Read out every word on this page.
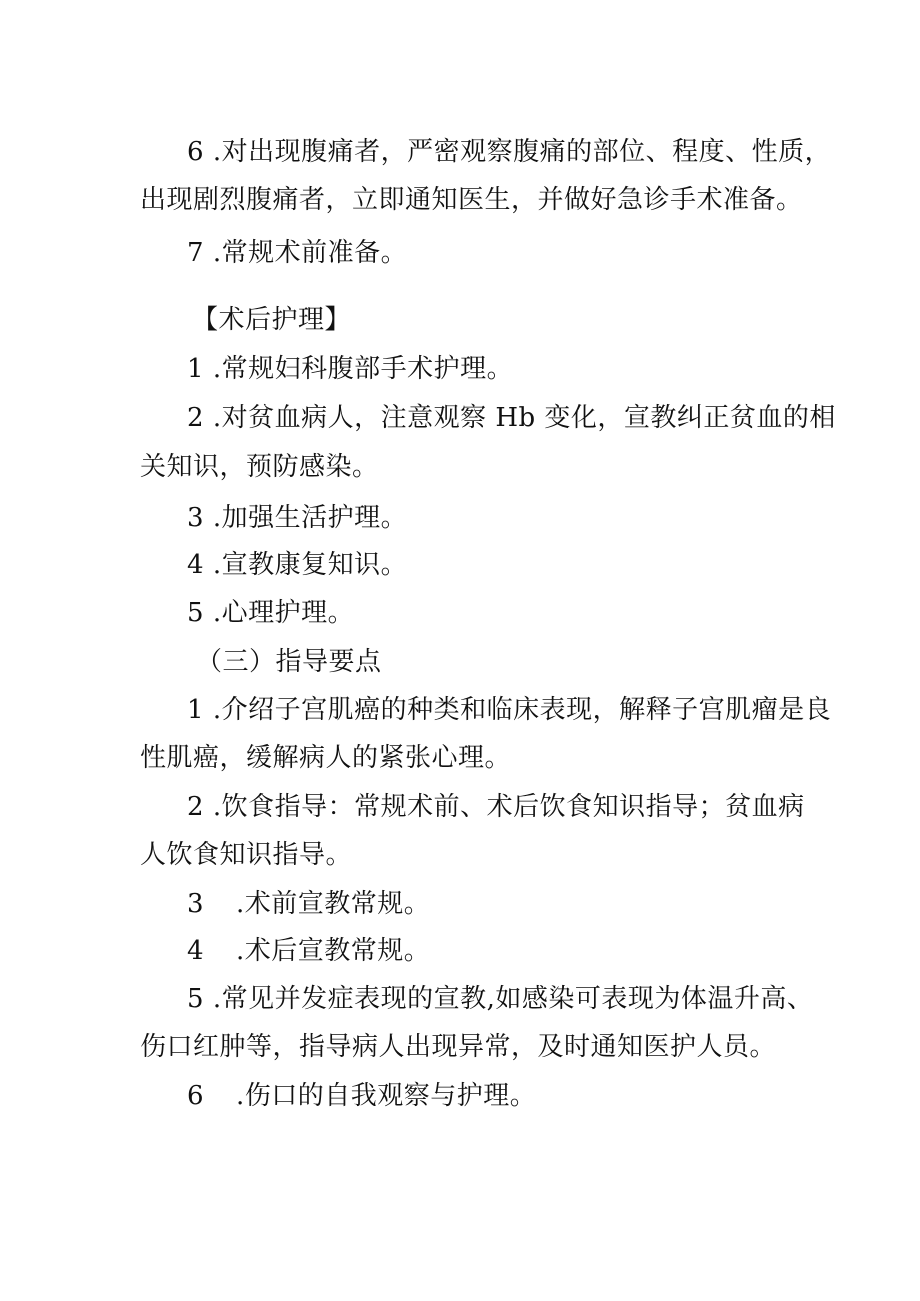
6 .对出现腹痛者，严密观察腹痛的部位、程度、性质，
出现剧烈腹痛者，立即通知医生，并做好急诊手术准备。
7 .常规术前准备。
【术后护理】
1 .常规妇科腹部手术护理。
2 .对贫血病人，注意观察 Hb 变化，宣教纠正贫血的相
关知识，预防感染。
3 .加强生活护理。
4 .宣教康复知识。
5 .心理护理。
（三）指导要点
1 .介绍子宫肌癌的种类和临床表现，解释子宫肌瘤是良
性肌癌，缓解病人的紧张心理。
2 .饮食指导：常规术前、术后饮食知识指导；贫血病
人饮食知识指导。
3 .术前宣教常规。
4 .术后宣教常规。
5 .常见并发症表现的宣教,如感染可表现为体温升高、
伤口红肿等，指导病人出现异常，及时通知医护人员。
6 .伤口的自我观察与护理。
